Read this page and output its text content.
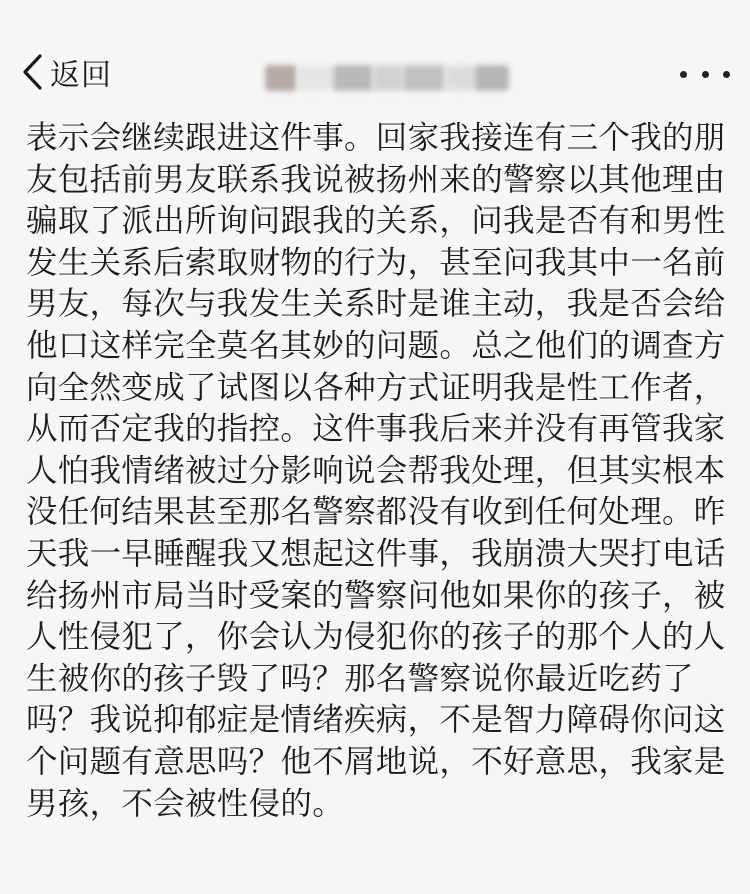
返回
表示会继续跟进这件事。回家我接连有三个我的朋
友包括前男友联系我说被扬州来的警察以其他理由
骗取了派出所询问跟我的关系，问我是否有和男性
发生关系后索取财物的行为，甚至问我其中一名前
男友，每次与我发生关系时是谁主动，我是否会给
他口这样完全莫名其妙的问题。总之他们的调查方
向全然变成了试图以各种方式证明我是性工作者，
从而否定我的指控。这件事我后来并没有再管我家
人怕我情绪被过分影响说会帮我处理，但其实根本
没任何结果甚至那名警察都没有收到任何处理。昨
天我一早睡醒我又想起这件事，我崩溃大哭打电话
给扬州市局当时受案的警察问他如果你的孩子，被
人性侵犯了，你会认为侵犯你的孩子的那个人的人
生被你的孩子毁了吗？那名警察说你最近吃药了
吗？我说抑郁症是情绪疾病，不是智力障碍你问这
个问题有意思吗？他不屑地说，不好意思，我家是
男孩，不会被性侵的。
